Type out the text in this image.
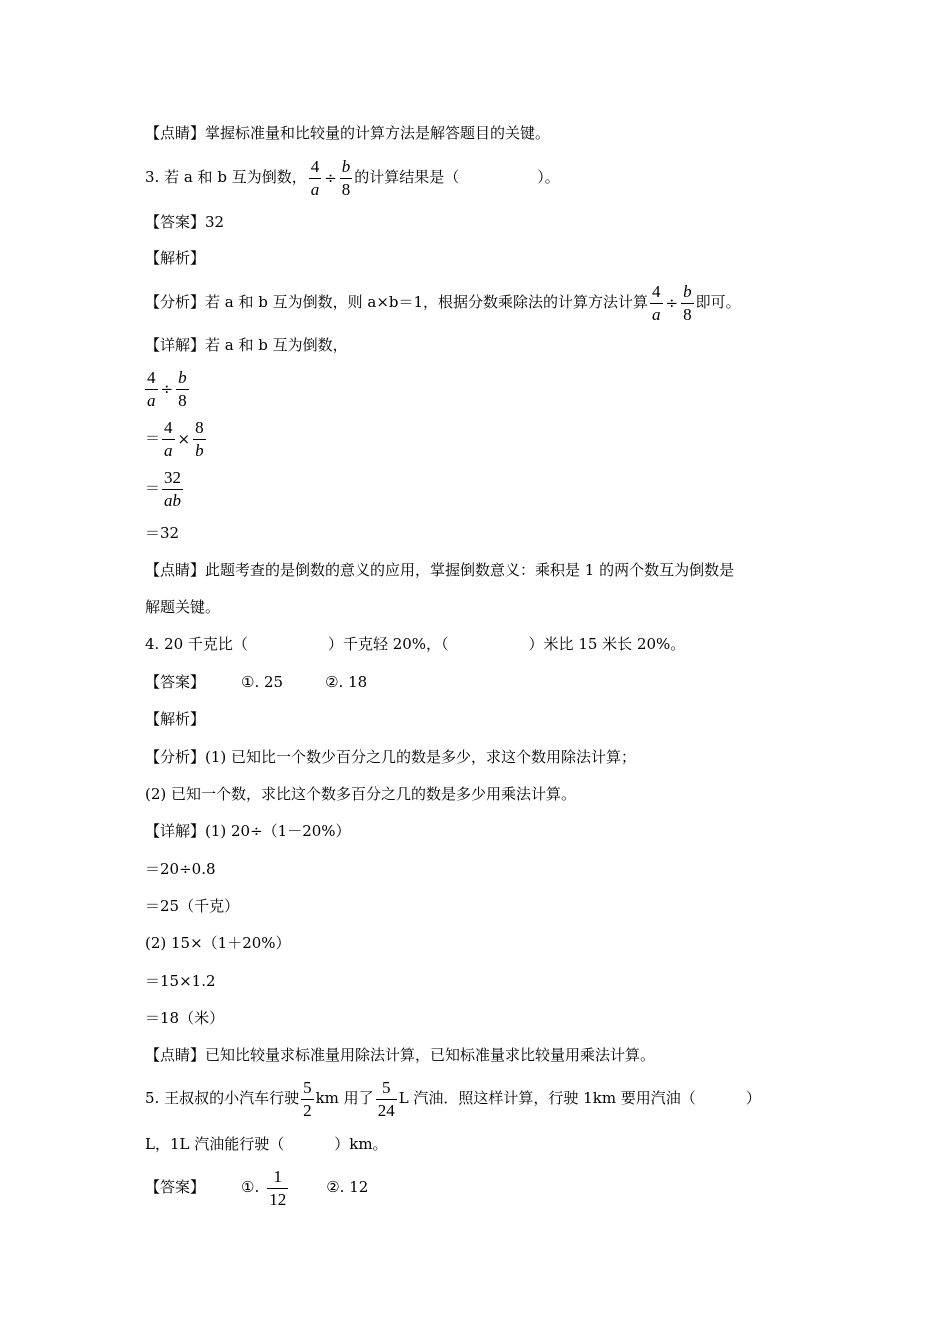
【点睛】掌握标准量和比较量的计算方法是解答题目的关键。
3. 若 a 和 b 互为倒数， $\frac{4}{a} \div \frac{b}{8}$ 的计算结果是（	）。
【答案】32
【解析】
【分析】若 a 和 b 互为倒数，则 a×b＝1，根据分数乘除法的计算方法计算 $\frac{4}{a} \div \frac{b}{8}$ 即可。
【详解】若 a 和 b 互为倒数，
$\frac{4}{a} \div \frac{b}{8}$
＝ $\frac{4}{a} \times \frac{8}{b}$
＝ $\frac{32}{ab}$
＝32
【点睛】此题考查的是倒数的意义的应用，掌握倒数意义：乘积是 1 的两个数互为倒数是
解题关键。
4. 20 千克比（	）千克轻 20%，（	）米比 15 米长 20%。
【答案】 ①. 25	②. 18
【解析】
【分析】(1) 已知比一个数少百分之几的数是多少，求这个数用除法计算；
(2) 已知一个数，求比这个数多百分之几的数是多少用乘法计算。
【详解】(1) 20÷（1－20%）
＝20÷0.8
＝25（千克）
(2) 15×（1＋20%）
＝15×1.2
＝18（米）
【点睛】已知比较量求标准量用除法计算，已知标准量求比较量用乘法计算。
5. 王叔叔的小汽车行驶 $\frac{5}{2}$ km 用了 $\frac{5}{24}$ L 汽油．照这样计算，行驶 1km 要用汽油（	）
L，1L 汽油能行驶（	）km。
【答案】 ①. $\frac{1}{12}$	②. 12
